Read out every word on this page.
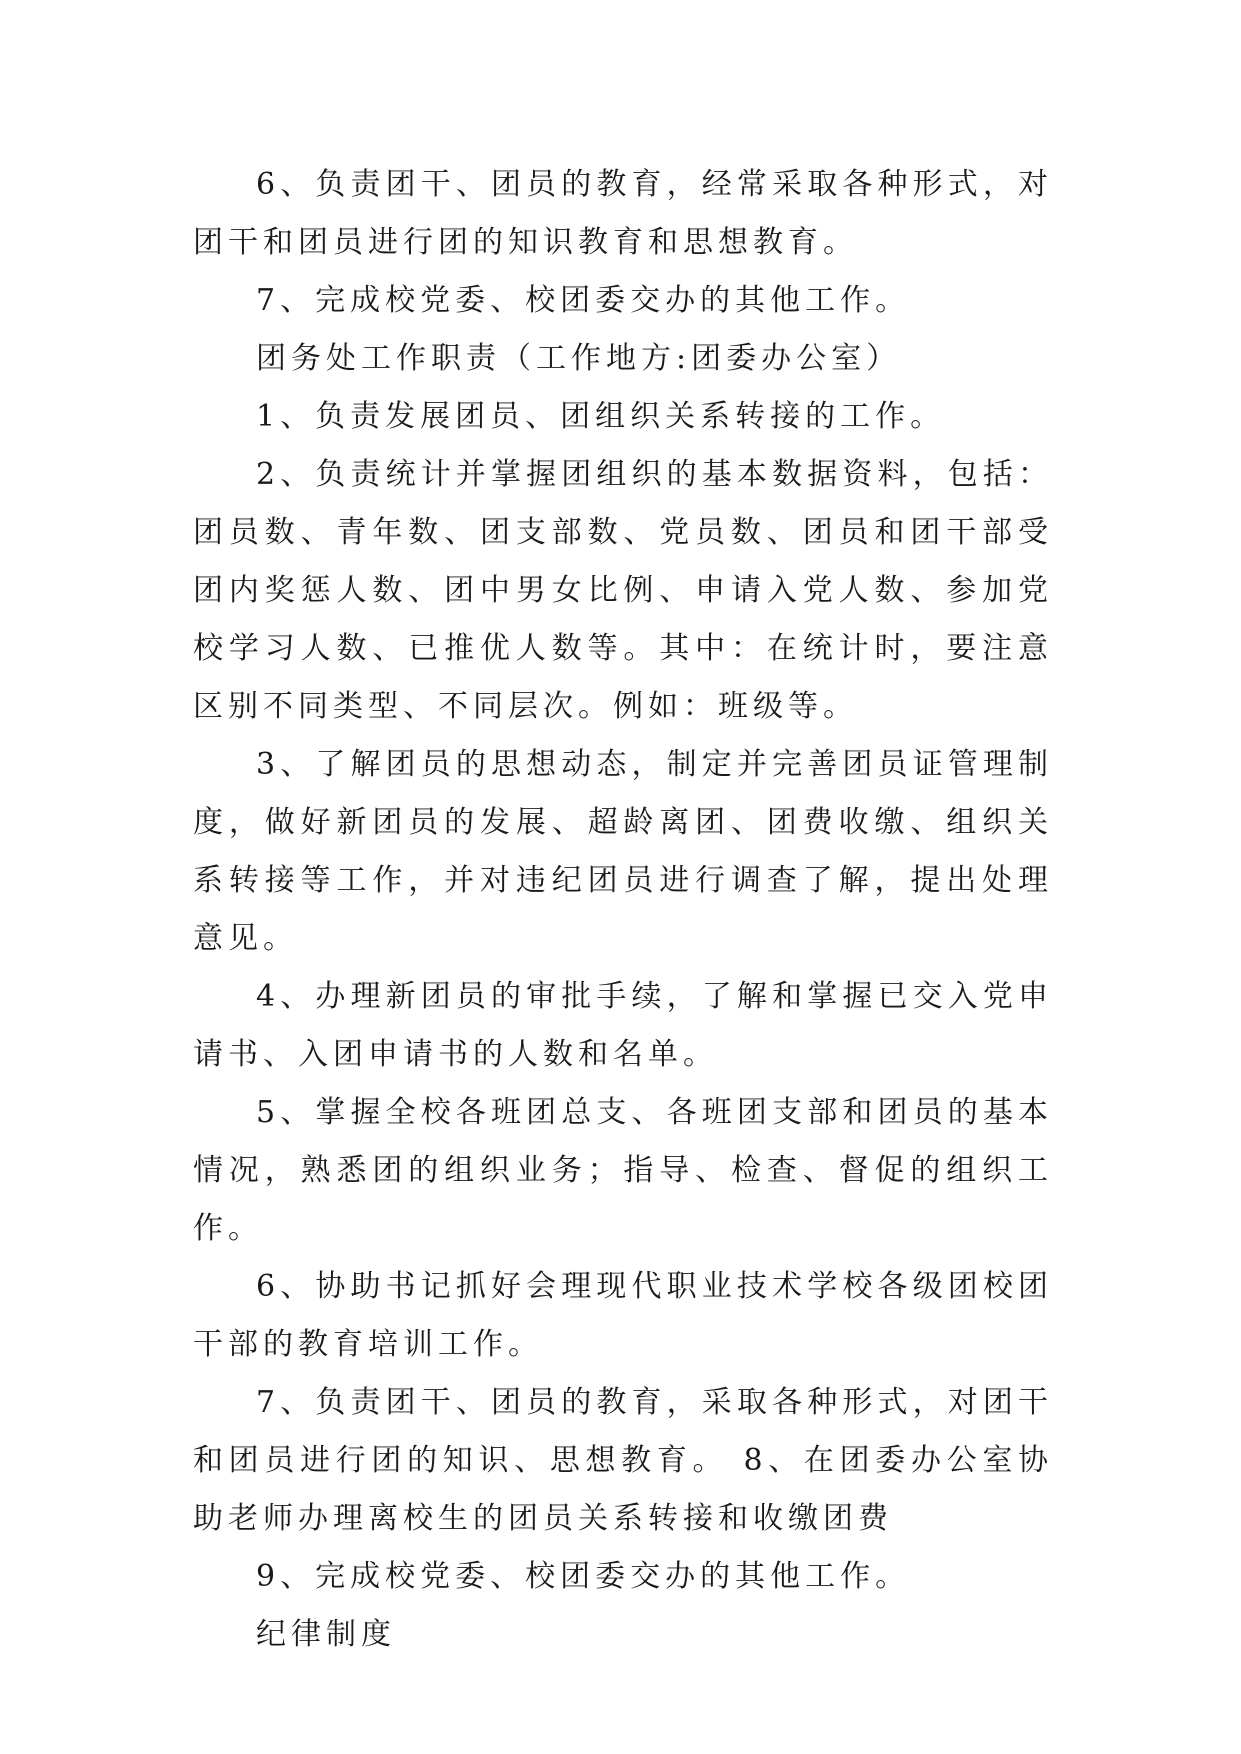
6、负责团干、团员的教育，经常采取各种形式，对团干和团员进行团的知识教育和思想教育。

7、完成校党委、校团委交办的其他工作。

团务处工作职责（工作地方:团委办公室）

1、负责发展团员、团组织关系转接的工作。

2、负责统计并掌握团组织的基本数据资料，包括：团员数、青年数、团支部数、党员数、团员和团干部受团内奖惩人数、团中男女比例、申请入党人数、参加党校学习人数、已推优人数等。其中：在统计时，要注意区别不同类型、不同层次。例如：班级等。

3、了解团员的思想动态，制定并完善团员证管理制度，做好新团员的发展、超龄离团、团费收缴、组织关系转接等工作，并对违纪团员进行调查了解，提出处理意见。

4、办理新团员的审批手续，了解和掌握已交入党申请书、入团申请书的人数和名单。

5、掌握全校各班团总支、各班团支部和团员的基本情况，熟悉团的组织业务；指导、检查、督促的组织工作。

6、协助书记抓好会理现代职业技术学校各级团校团干部的教育培训工作。

7、负责团干、团员的教育，采取各种形式，对团干和团员进行团的知识、思想教育。 8、在团委办公室协助老师办理离校生的团员关系转接和收缴团费

9、完成校党委、校团委交办的其他工作。

纪律制度
